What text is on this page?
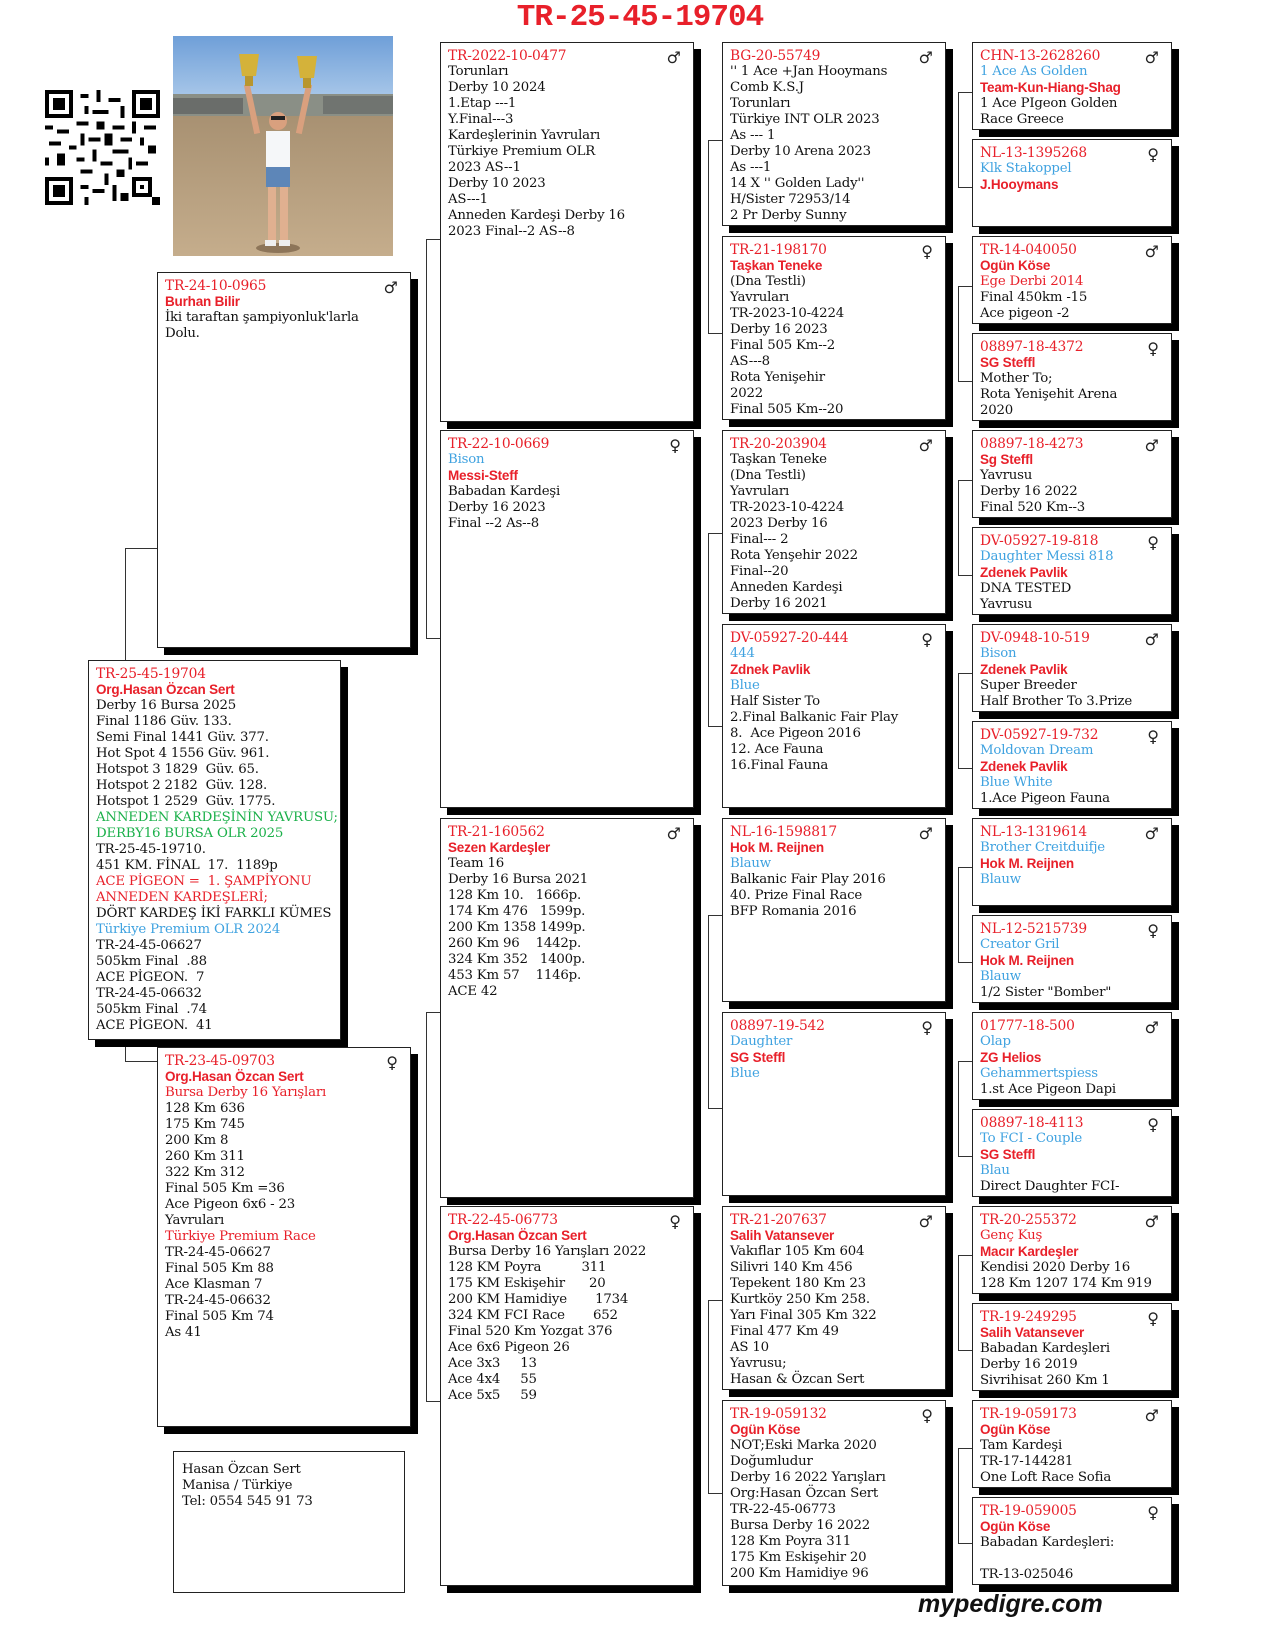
TR-25-45-19704
TR-25-45-19704
Org.Hasan Özcan Sert
Derby 16 Bursa 2025
Final 1186 Güv. 133.
Semi Final 1441 Güv. 377.
Hot Spot 4 1556 Güv. 961.
Hotspot 3 1829  Güv. 65.
Hotspot 2 2182  Güv. 128.
Hotspot 1 2529  Güv. 1775.
ANNEDEN KARDEŞİNİN YAVRUSU;
DERBY16 BURSA OLR 2025
TR-25-45-19710.
451 KM. FİNAL  17.  1189p
ACE PİGEON =  1. ŞAMPİYONU
ANNEDEN KARDEŞLERİ;
DÖRT KARDEŞ İKİ FARKLI KÜMES
Türkiye Premium OLR 2024
TR-24-45-06627
505km Final  .88
ACE PİGEON.  7
TR-24-45-06632
505km Final  .74
ACE PİGEON.  41
♂
TR-24-10-0965
Burhan Bilir
İki taraftan şampiyonluk'larla
Dolu.
♀
TR-23-45-09703
Org.Hasan Özcan Sert
Bursa Derby 16 Yarışları
128 Km 636
175 Km 745
200 Km 8
260 Km 311
322 Km 312
Final 505 Km =36
Ace Pigeon 6x6 - 23
Yavruları
Türkiye Premium Race
TR-24-45-06627
Final 505 Km 88
Ace Klasman 7
TR-24-45-06632
Final 505 Km 74
As 41
♂
TR-2022-10-0477
Torunları
Derby 10 2024
1.Etap ---1
Y.Final---3
Kardeşlerinin Yavruları
Türkiye Premium OLR
2023 AS--1
Derby 10 2023
AS---1
Anneden Kardeşi Derby 16
2023 Final--2 AS--8
♀
TR-22-10-0669
Bison
Messi-Steff
Babadan Kardeşi
Derby 16 2023
Final --2 As--8
♂
TR-21-160562
Sezen Kardeşler
Team 16
Derby 16 Bursa 2021
128 Km 10.   1666p.
174 Km 476   1599p.
200 Km 1358 1499p.
260 Km 96    1442p.
324 Km 352   1400p.
453 Km 57    1146p.
ACE 42
♀
TR-22-45-06773
Org.Hasan Özcan Sert
Bursa Derby 16 Yarışları 2022
128 KM Poyra          311
175 KM Eskişehir      20
200 KM Hamidiye       1734
324 KM FCI Race       652
Final 520 Km Yozgat 376
Ace 6x6 Pigeon 26
Ace 3x3     13
Ace 4x4     55
Ace 5x5     59
♂
BG-20-55749
'' 1 Ace +Jan Hooymans
Comb K.S.J
Torunları
Türkiye INT OLR 2023
As --- 1
Derby 10 Arena 2023
As ---1
14 X '' Golden Lady''
H/Sister 72953/14
2 Pr Derby Sunny
♀
TR-21-198170
Taşkan Teneke
(Dna Testli)
Yavruları
TR-2023-10-4224
Derby 16 2023
Final 505 Km--2
AS---8
Rota Yenişehir
2022
Final 505 Km--20
♂
TR-20-203904
Taşkan Teneke
(Dna Testli)
Yavruları
TR-2023-10-4224
2023 Derby 16
Final--- 2
Rota Yenşehir 2022
Final--20
Anneden Kardeşi
Derby 16 2021
♀
DV-05927-20-444
444
Zdnek Pavlik
Blue
Half Sister To
2.Final Balkanic Fair Play
8.  Ace Pigeon 2016
12. Ace Fauna
16.Final Fauna
♂
NL-16-1598817
Hok M. Reijnen
Blauw
Balkanic Fair Play 2016
40. Prize Final Race
BFP Romania 2016
♀
08897-19-542
Daughter
SG Steffl
Blue
♂
TR-21-207637
Salih Vatansever
Vakıflar 105 Km 604
Silivri 140 Km 456
Tepekent 180 Km 23
Kurtköy 250 Km 258.
Yarı Final 305 Km 322
Final 477 Km 49
AS 10
Yavrusu;
Hasan & Özcan Sert
♀
TR-19-059132
Ogün Köse
NOT;Eski Marka 2020
Doğumludur
Derby 16 2022 Yarışları
Org:Hasan Özcan Sert
TR-22-45-06773
Bursa Derby 16 2022
128 Km Poyra 311
175 Km Eskişehir 20
200 Km Hamidiye 96
♂
CHN-13-2628260
1 Ace As Golden
Team-Kun-Hiang-Shag
1 Ace PIgeon Golden
Race Greece
♀
NL-13-1395268
Klk Stakoppel
J.Hooymans
♂
TR-14-040050
Ogün Köse
Ege Derbi 2014
Final 450km -15
Ace pigeon -2
♀
08897-18-4372
SG Steffl
Mother To;
Rota Yenişehit Arena
2020
♂
08897-18-4273
Sg Steffl
Yavrusu
Derby 16 2022
Final 520 Km--3
♀
DV-05927-19-818
Daughter Messi 818
Zdenek Pavlik
DNA TESTED
Yavrusu
♂
DV-0948-10-519
Bison
Zdenek Pavlik
Super Breeder
Half Brother To 3.Prize
♀
DV-05927-19-732
Moldovan Dream
Zdenek Pavlik
Blue White
1.Ace Pigeon Fauna
♂
NL-13-1319614
Brother Creitduifje
Hok M. Reijnen
Blauw
♀
NL-12-5215739
Creator Gril
Hok M. Reijnen
Blauw
1/2 Sister "Bomber"
♂
01777-18-500
Olap
ZG Helios
Gehammertspiess
1.st Ace Pigeon Dapi
♀
08897-18-4113
To FCI - Couple
SG Steffl
Blau
Direct Daughter FCI-
♂
TR-20-255372
Genç Kuş
Macır Kardeşler
Kendisi 2020 Derby 16
128 Km 1207 174 Km 919
♀
TR-19-249295
Salih Vatansever
Babadan Kardeşleri
Derby 16 2019
Sivrihisat 260 Km 1
♂
TR-19-059173
Ogün Köse
Tam Kardeşi
TR-17-144281
One Loft Race Sofia
♀
TR-19-059005
Ogün Köse
Babadan Kardeşleri:

TR-13-025046
Hasan Özcan Sert
Manisa / Türkiye
Tel: 0554 545 91 73
mypedigre.com
